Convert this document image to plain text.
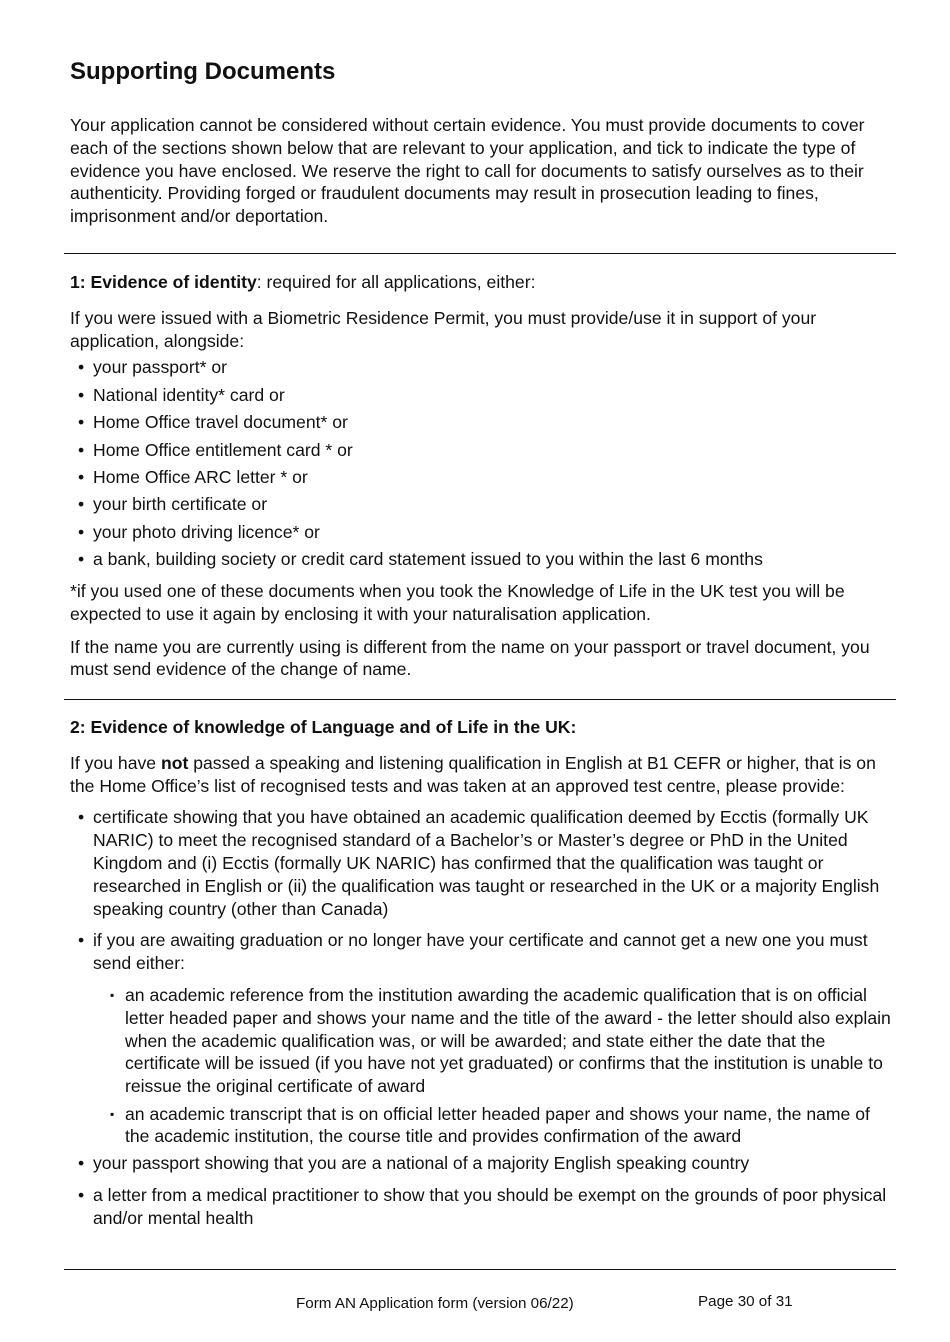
Supporting Documents

Your application cannot be considered without certain evidence. You must provide documents to cover each of the sections shown below that are relevant to your application, and tick to indicate the type of evidence you have enclosed. We reserve the right to call for documents to satisfy ourselves as to their authenticity. Providing forged or fraudulent documents may result in prosecution leading to fines, imprisonment and/or deportation.

1: Evidence of identity: required for all applications, either:

If you were issued with a Biometric Residence Permit, you must provide/use it in support of your application, alongside:

• your passport* or
• National identity* card or
• Home Office travel document* or
• Home Office entitlement card * or
• Home Office ARC letter * or
• your birth certificate or
• your photo driving licence* or
• a bank, building society or credit card statement issued to you within the last 6 months

*if you used one of these documents when you took the Knowledge of Life in the UK test you will be expected to use it again by enclosing it with your naturalisation application.

If the name you are currently using is different from the name on your passport or travel document, you must send evidence of the change of name.

2: Evidence of knowledge of Language and of Life in the UK:

If you have not passed a speaking and listening qualification in English at B1 CEFR or higher, that is on the Home Office’s list of recognised tests and was taken at an approved test centre, please provide:

• certificate showing that you have obtained an academic qualification deemed by Ecctis (formally UK NARIC) to meet the recognised standard of a Bachelor’s or Master’s degree or PhD in the United Kingdom and (i) Ecctis (formally UK NARIC) has confirmed that the qualification was taught or researched in English or (ii) the qualification was taught or researched in the UK or a majority English speaking country (other than Canada)
• if you are awaiting graduation or no longer have your certificate and cannot get a new one you must send either:
▪ an academic reference from the institution awarding the academic qualification that is on official letter headed paper and shows your name and the title of the award - the letter should also explain when the academic qualification was, or will be awarded; and state either the date that the certificate will be issued (if you have not yet graduated) or confirms that the institution is unable to reissue the original certificate of award
▪ an academic transcript that is on official letter headed paper and shows your name, the name of the academic institution, the course title and provides confirmation of the award
• your passport showing that you are a national of a majority English speaking country
• a letter from a medical practitioner to show that you should be exempt on the grounds of poor physical and/or mental health
Form AN Application form (version 06/22)	Page 30 of 31
